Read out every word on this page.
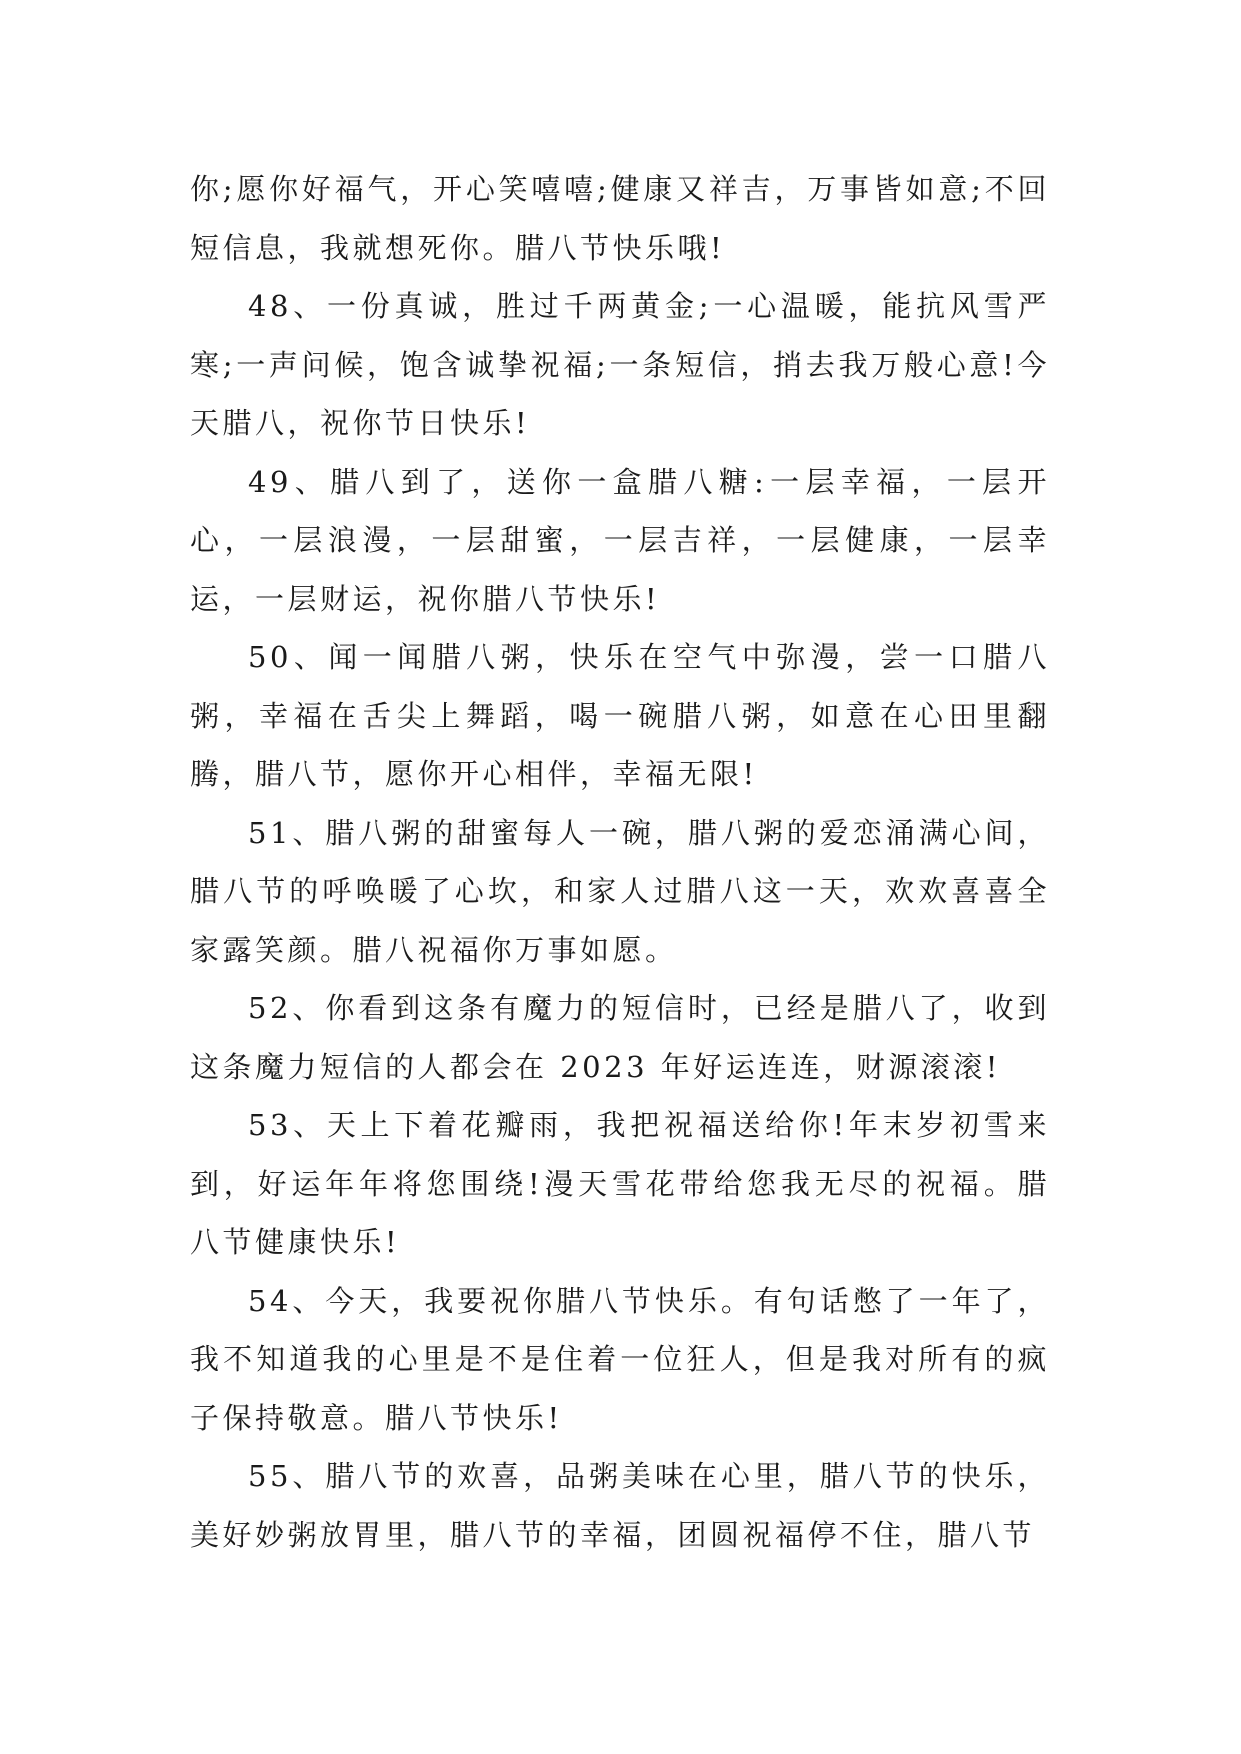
你;愿你好福气，开心笑嘻嘻;健康又祥吉，万事皆如意;不回短信息，我就想死你。腊八节快乐哦!

48、一份真诚，胜过千两黄金;一心温暖，能抗风雪严寒;一声问候，饱含诚挚祝福;一条短信，捎去我万般心意!今天腊八，祝你节日快乐!

49、腊八到了，送你一盒腊八糖:一层幸福，一层开心，一层浪漫，一层甜蜜，一层吉祥，一层健康，一层幸运，一层财运，祝你腊八节快乐!

50、闻一闻腊八粥，快乐在空气中弥漫，尝一口腊八粥，幸福在舌尖上舞蹈，喝一碗腊八粥，如意在心田里翻腾，腊八节，愿你开心相伴，幸福无限!

51、腊八粥的甜蜜每人一碗，腊八粥的爱恋涌满心间，腊八节的呼唤暖了心坎，和家人过腊八这一天，欢欢喜喜全家露笑颜。腊八祝福你万事如愿。

52、你看到这条有魔力的短信时，已经是腊八了，收到这条魔力短信的人都会在 2023 年好运连连，财源滚滚!

53、天上下着花瓣雨，我把祝福送给你!年末岁初雪来到，好运年年将您围绕!漫天雪花带给您我无尽的祝福。腊八节健康快乐!

54、今天，我要祝你腊八节快乐。有句话憋了一年了，我不知道我的心里是不是住着一位狂人，但是我对所有的疯子保持敬意。腊八节快乐!

55、腊八节的欢喜，品粥美味在心里，腊八节的快乐，美好妙粥放胃里，腊八节的幸福，团圆祝福停不住，腊八节
